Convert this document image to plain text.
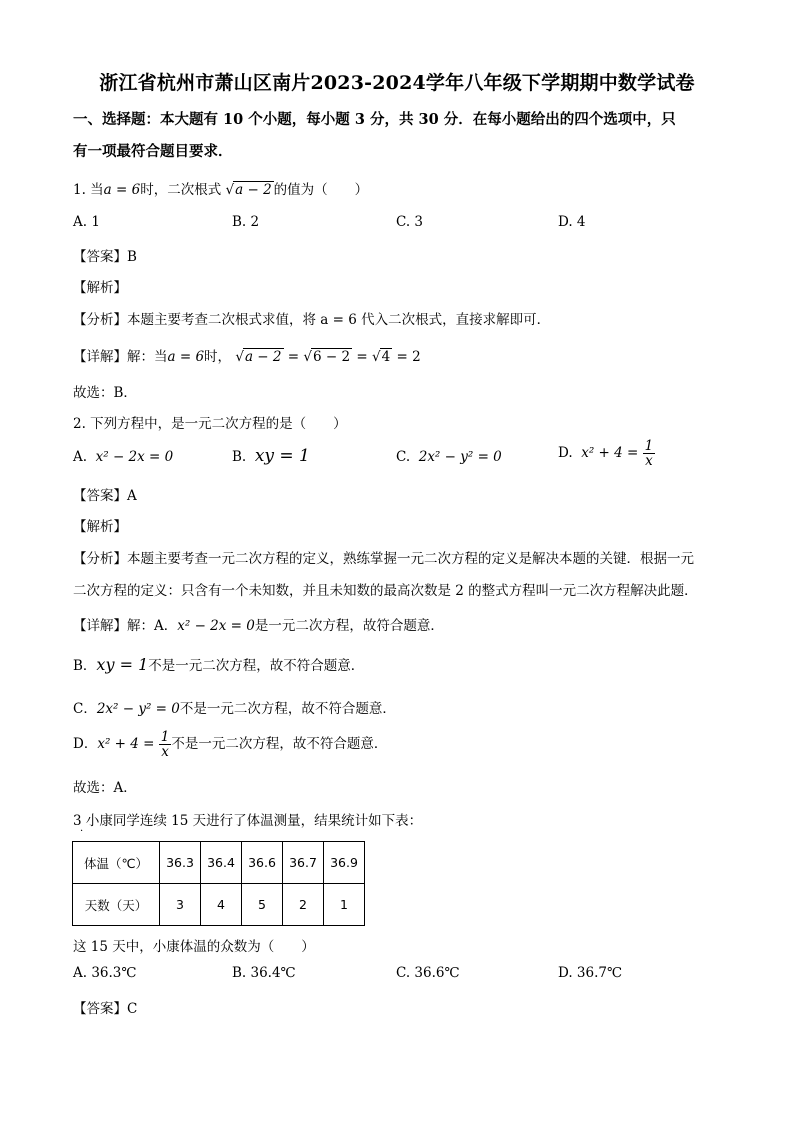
浙江省杭州市萧山区南片2023-2024学年八年级下学期期中数学试卷
一、选择题：本大题有 10 个小题，每小题 3 分，共 30 分．在每小题给出的四个选项中，只
有一项最符合题目要求．
1. 当a = 6时，二次根式 √a − 2 的值为（　　）
A. 1	B. 2	C. 3	D. 4
【答案】B
【解析】
【分析】本题主要考查二次根式求值，将 a = 6 代入二次根式，直接求解即可．
【详解】解：当a = 6时， √a − 2 = √6 − 2 = √4 = 2
故选：B．
2. 下列方程中，是一元二次方程的是（　　）
A. x² − 2x = 0	B. xy = 1	C. 2x² − y² = 0	D. $x^2 + 4 = \frac{1}{x}$
【答案】A
【解析】
【分析】本题主要考查一元二次方程的定义，熟练掌握一元二次方程的定义是解决本题的关键．根据一元
二次方程的定义：只含有一个未知数，并且未知数的最高次数是 2 的整式方程叫一元二次方程解决此题．
【详解】解：A．x² − 2x = 0是一元二次方程，故符合题意．
B．xy = 1不是一元二次方程，故不符合题意．
C．2x² − y² = 0不是一元二次方程，故不符合题意．
D．$x^2 + 4 = \frac{1}{x}$ 不是一元二次方程，故不符合题意．
故选：A．
3 小康同学连续 15 天进行了体温测量，结果统计如下表：
·
体温（℃）	36.3	36.4	36.6	36.7	36.9
天数（天）	3	4	5	2	1
这 15 天中，小康体温的众数为（　　）
A. 36.3℃	B. 36.4℃	C. 36.6℃	D. 36.7℃
【答案】C
